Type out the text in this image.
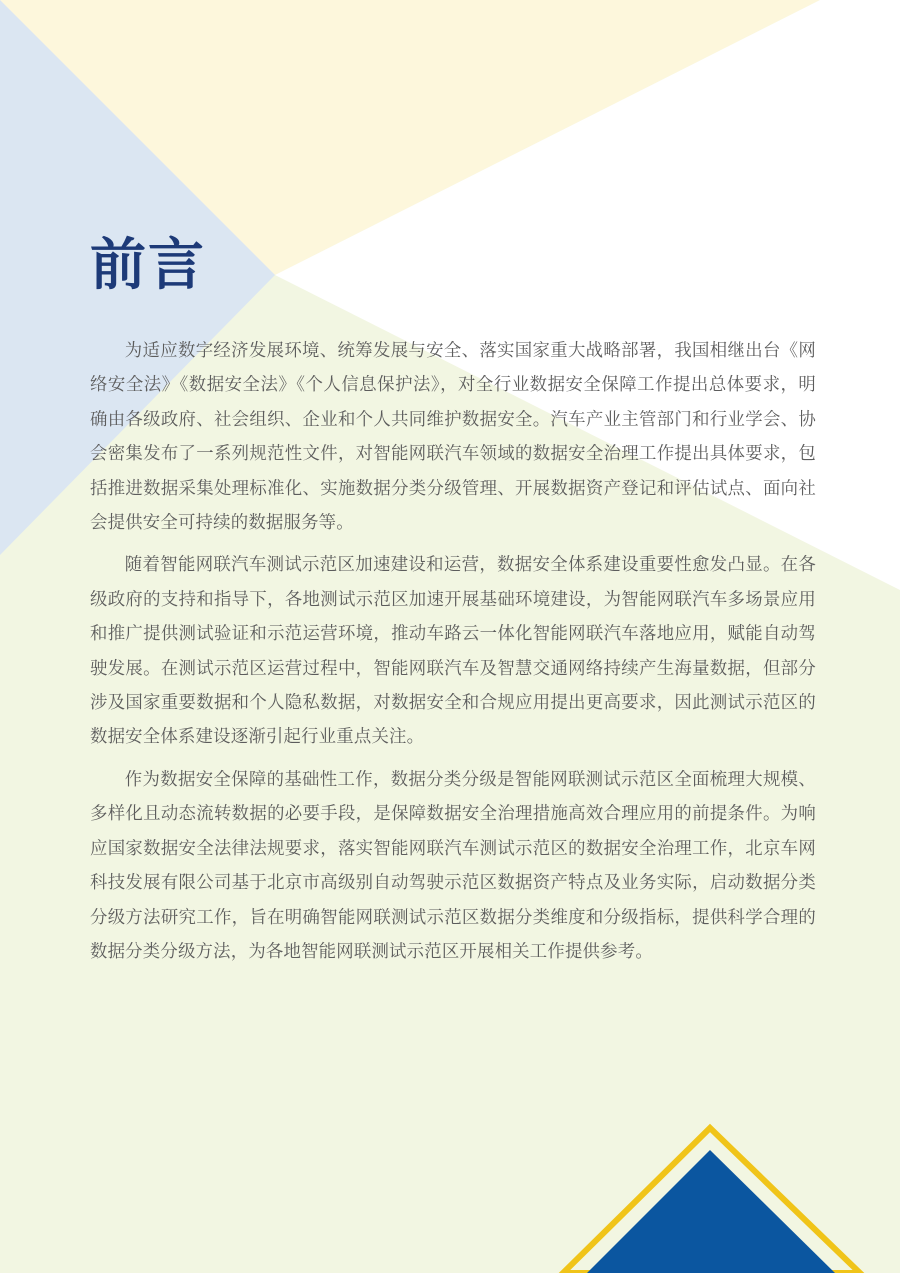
前言

为适应数字经济发展环境、统筹发展与安全、落实国家重大战略部署，我国相继出台《网络安全法》《数据安全法》《个人信息保护法》，对全行业数据安全保障工作提出总体要求，明确由各级政府、社会组织、企业和个人共同维护数据安全。汽车产业主管部门和行业学会、协会密集发布了一系列规范性文件，对智能网联汽车领域的数据安全治理工作提出具体要求，包括推进数据采集处理标准化、实施数据分类分级管理、开展数据资产登记和评估试点、面向社会提供安全可持续的数据服务等。

随着智能网联汽车测试示范区加速建设和运营，数据安全体系建设重要性愈发凸显。在各级政府的支持和指导下，各地测试示范区加速开展基础环境建设，为智能网联汽车多场景应用和推广提供测试验证和示范运营环境，推动车路云一体化智能网联汽车落地应用，赋能自动驾驶发展。在测试示范区运营过程中，智能网联汽车及智慧交通网络持续产生海量数据，但部分涉及国家重要数据和个人隐私数据，对数据安全和合规应用提出更高要求，因此测试示范区的数据安全体系建设逐渐引起行业重点关注。

作为数据安全保障的基础性工作，数据分类分级是智能网联测试示范区全面梳理大规模、多样化且动态流转数据的必要手段，是保障数据安全治理措施高效合理应用的前提条件。为响应国家数据安全法律法规要求，落实智能网联汽车测试示范区的数据安全治理工作，北京车网科技发展有限公司基于北京市高级别自动驾驶示范区数据资产特点及业务实际，启动数据分类分级方法研究工作，旨在明确智能网联测试示范区数据分类维度和分级指标，提供科学合理的数据分类分级方法，为各地智能网联测试示范区开展相关工作提供参考。
